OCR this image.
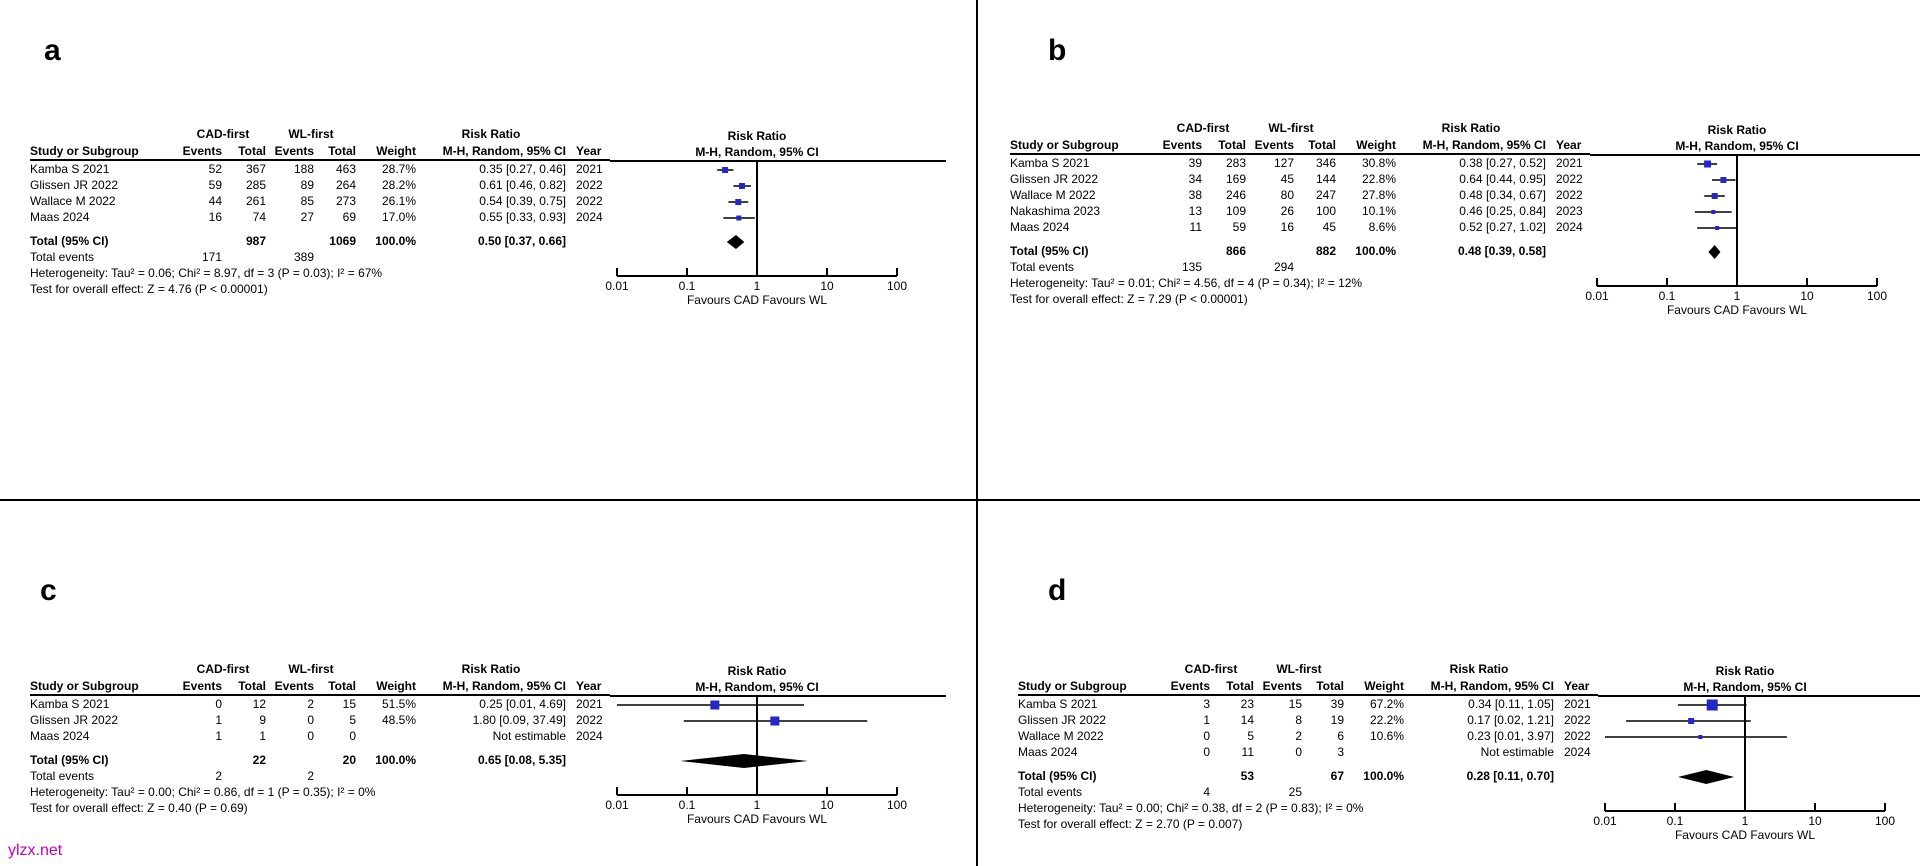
a	b
c	d
CAD-first	WL-first	Risk Ratio
Study or Subgroup	Events	Total Events	Total	Weight	M-H, Random, 95% CI Year
Kamba S 2021	52	367	188	463	28.7%	0.35 [0.27, 0.46] 2021
Glissen JR 2022	59	285	89	264	28.2%	0.61 [0.46, 0.82] 2022
Wallace M 2022	44	261	85	273	26.1%	0.54 [0.39, 0.75] 2022
Maas 2024	16	74	27	69	17.0%	0.55 [0.33, 0.93] 2024
Total (95% CI)	987	1069	100.0%	0.50 [0.37, 0.66]
Total events	171	389
Heterogeneity: Tau² = 0.06; Chi² = 8.97, df = 3 (P = 0.03); I² = 67%
Test for overall effect: Z = 4.76 (P < 0.00001)
Risk Ratio
M-H, Random, 95% CI
0.01	0.1	1	10	100
Favours CAD Favours WL
CAD-first	WL-first	Risk Ratio
Study or Subgroup	Events	Total Events	Total	Weight	M-H, Random, 95% CI Year
Kamba S 2021	39	283	127	346	30.8%	0.38 [0.27, 0.52] 2021
Glissen JR 2022	34	169	45	144	22.8%	0.64 [0.44, 0.95] 2022
Wallace M 2022	38	246	80	247	27.8%	0.48 [0.34, 0.67] 2022
Nakashima 2023	13	109	26	100	10.1%	0.46 [0.25, 0.84] 2023
Maas 2024	11	59	16	45	8.6%	0.52 [0.27, 1.02] 2024
Total (95% CI)	866	882	100.0%	0.48 [0.39, 0.58]
Total events	135	294
Heterogeneity: Tau² = 0.01; Chi² = 4.56, df = 4 (P = 0.34); I² = 12%
Test for overall effect: Z = 7.29 (P < 0.00001)
Risk Ratio
M-H, Random, 95% CI
0.01	0.1	1	10	100
Favours CAD Favours WL
CAD-first	WL-first	Risk Ratio
Study or Subgroup	Events	Total Events	Total	Weight	M-H, Random, 95% CI Year
Kamba S 2021	0	12	2	15	51.5%	0.25 [0.01, 4.69] 2021
Glissen JR 2022	1	9	0	5	48.5%	1.80 [0.09, 37.49] 2022
Maas 2024	1	1	0	0	Not estimable 2024
Total (95% CI)	22	20	100.0%	0.65 [0.08, 5.35]
Total events	2	2
Heterogeneity: Tau² = 0.00; Chi² = 0.86, df = 1 (P = 0.35); I² = 0%
Test for overall effect: Z = 0.40 (P = 0.69)
Risk Ratio
M-H, Random, 95% CI
0.01	0.1	1	10	100
Favours CAD Favours WL
CAD-first	WL-first	Risk Ratio
Study or Subgroup	Events	Total Events	Total	Weight	M-H, Random, 95% CI Year
Kamba S 2021	3	23	15	39	67.2%	0.34 [0.11, 1.05] 2021
Glissen JR 2022	1	14	8	19	22.2%	0.17 [0.02, 1.21] 2022
Wallace M 2022	0	5	2	6	10.6%	0.23 [0.01, 3.97] 2022
Maas 2024	0	11	0	3	Not estimable 2024
Total (95% CI)	53	67	100.0%	0.28 [0.11, 0.70]
Total events	4	25
Heterogeneity: Tau² = 0.00; Chi² = 0.38, df = 2 (P = 0.83); I² = 0%
Test for overall effect: Z = 2.70 (P = 0.007)
Risk Ratio
M-H, Random, 95% CI
0.01	0.1	1	10	100
Favours CAD Favours WL
ylzx.net
